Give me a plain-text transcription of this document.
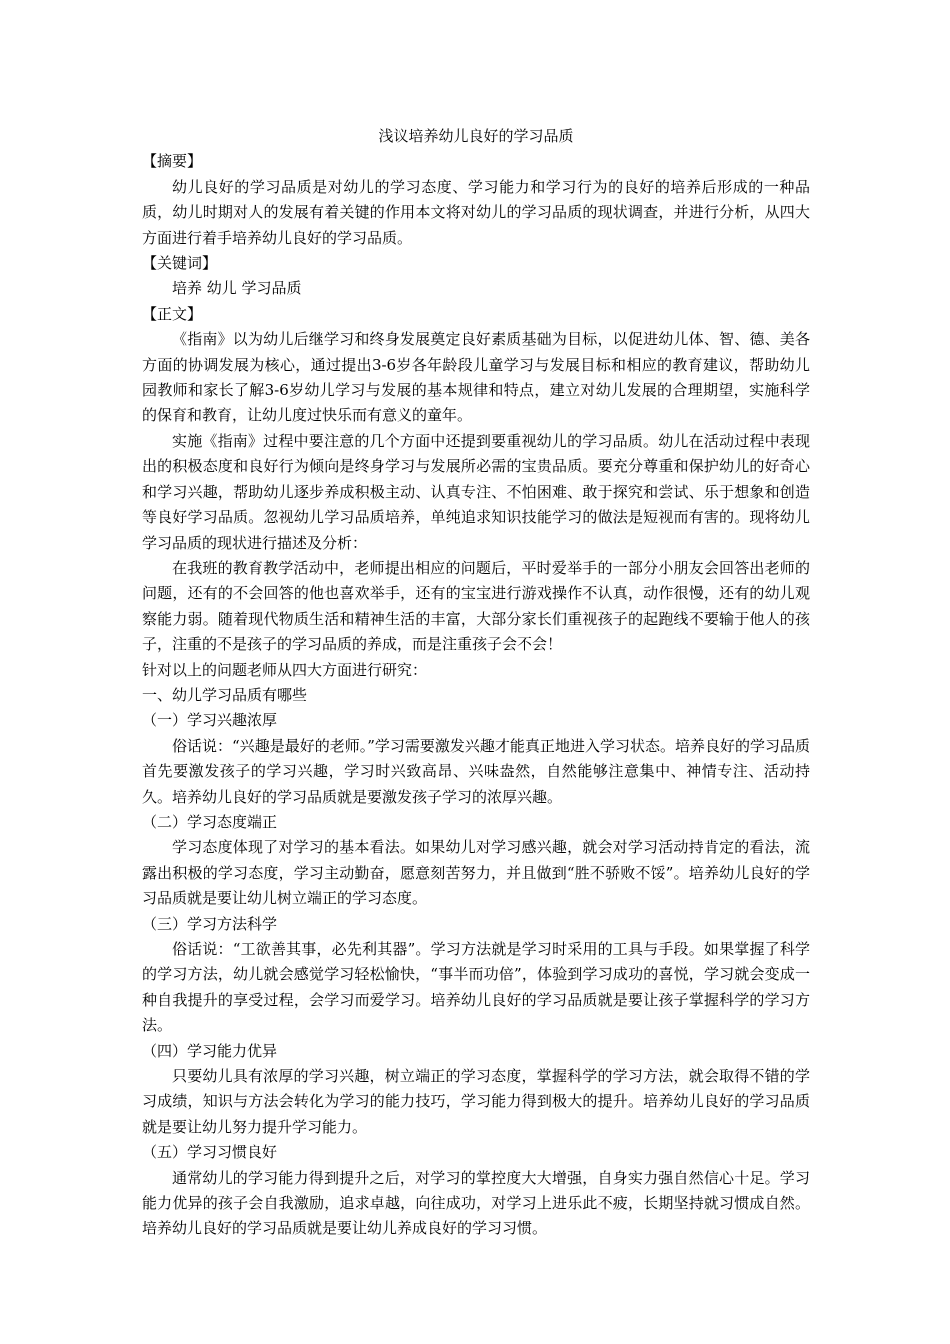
浅议培养幼儿良好的学习品质

【摘要】

幼儿良好的学习品质是对幼儿的学习态度、学习能力和学习行为的良好的培养后形成的一种品质，幼儿时期对人的发展有着关键的作用本文将对幼儿的学习品质的现状调查，并进行分析，从四大方面进行着手培养幼儿良好的学习品质。

【关键词】

培养 幼儿 学习品质

【正文】

《指南》以为幼儿后继学习和终身发展奠定良好素质基础为目标，以促进幼儿体、智、德、美各方面的协调发展为核心，通过提出3-6岁各年龄段儿童学习与发展目标和相应的教育建议，帮助幼儿园教师和家长了解3-6岁幼儿学习与发展的基本规律和特点，建立对幼儿发展的合理期望，实施科学的保育和教育，让幼儿度过快乐而有意义的童年。

实施《指南》过程中要注意的几个方面中还提到要重视幼儿的学习品质。幼儿在活动过程中表现出的积极态度和良好行为倾向是终身学习与发展所必需的宝贵品质。要充分尊重和保护幼儿的好奇心和学习兴趣，帮助幼儿逐步养成积极主动、认真专注、不怕困难、敢于探究和尝试、乐于想象和创造等良好学习品质。忽视幼儿学习品质培养，单纯追求知识技能学习的做法是短视而有害的。现将幼儿学习品质的现状进行描述及分析：

在我班的教育教学活动中，老师提出相应的问题后，平时爱举手的一部分小朋友会回答出老师的问题，还有的不会回答的他也喜欢举手，还有的宝宝进行游戏操作不认真，动作很慢，还有的幼儿观察能力弱。随着现代物质生活和精神生活的丰富，大部分家长们重视孩子的起跑线不要输于他人的孩子，注重的不是孩子的学习品质的养成，而是注重孩子会不会！

针对以上的问题老师从四大方面进行研究：

一、幼儿学习品质有哪些

（一）学习兴趣浓厚

俗话说：“兴趣是最好的老师。”学习需要激发兴趣才能真正地进入学习状态。培养良好的学习品质首先要激发孩子的学习兴趣，学习时兴致高昂、兴味盎然，自然能够注意集中、神情专注、活动持久。培养幼儿良好的学习品质就是要激发孩子学习的浓厚兴趣。

（二）学习态度端正

学习态度体现了对学习的基本看法。如果幼儿对学习感兴趣，就会对学习活动持肯定的看法，流露出积极的学习态度，学习主动勤奋，愿意刻苦努力，并且做到“胜不骄败不馁”。培养幼儿良好的学习品质就是要让幼儿树立端正的学习态度。

（三）学习方法科学

俗话说：“工欲善其事，必先利其器”。学习方法就是学习时采用的工具与手段。如果掌握了科学的学习方法，幼儿就会感觉学习轻松愉快，“事半而功倍”，体验到学习成功的喜悦，学习就会变成一种自我提升的享受过程，会学习而爱学习。培养幼儿良好的学习品质就是要让孩子掌握科学的学习方法。

（四）学习能力优异

只要幼儿具有浓厚的学习兴趣，树立端正的学习态度，掌握科学的学习方法，就会取得不错的学习成绩，知识与方法会转化为学习的能力技巧，学习能力得到极大的提升。培养幼儿良好的学习品质就是要让幼儿努力提升学习能力。

（五）学习习惯良好

通常幼儿的学习能力得到提升之后，对学习的掌控度大大增强，自身实力强自然信心十足。学习能力优异的孩子会自我激励，追求卓越，向往成功，对学习上进乐此不疲，长期坚持就习惯成自然。培养幼儿良好的学习品质就是要让幼儿养成良好的学习习惯。
